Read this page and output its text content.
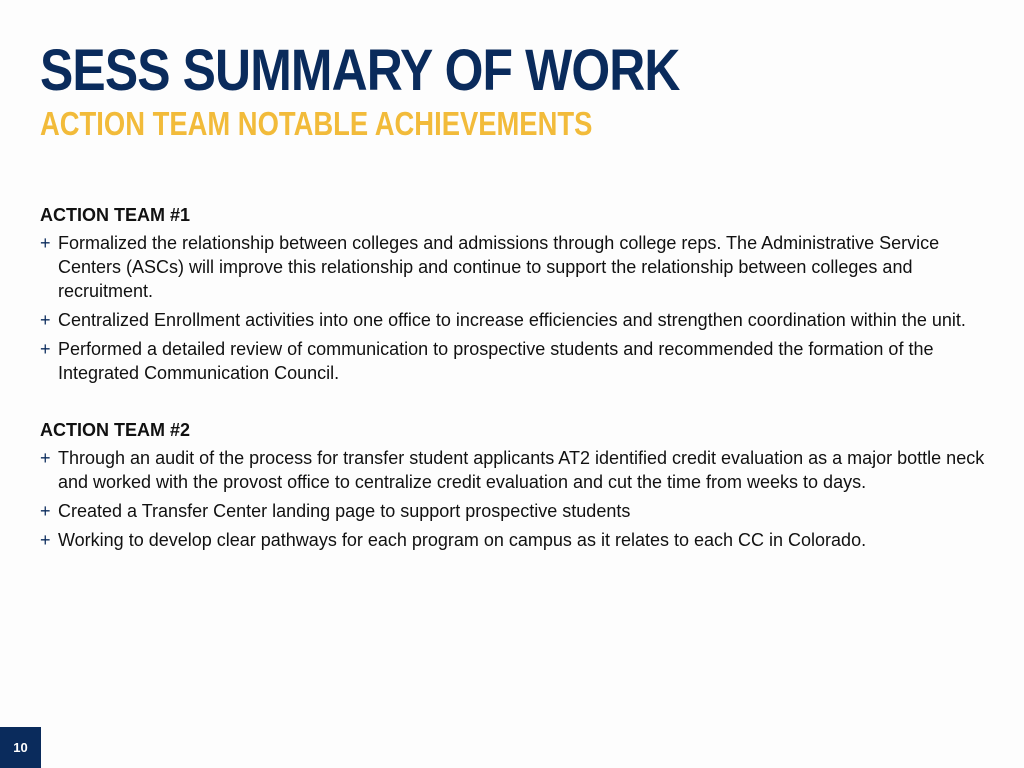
SESS SUMMARY OF WORK
ACTION TEAM NOTABLE ACHIEVEMENTS
ACTION TEAM #1
+ Formalized the relationship between colleges and admissions through college reps. The Administrative Service Centers (ASCs) will improve this relationship and continue to support the relationship between colleges and recruitment.
+ Centralized Enrollment activities into one office to increase efficiencies and strengthen coordination within the unit.
+ Performed a detailed review of communication to prospective students and recommended the formation of the Integrated Communication Council.
ACTION TEAM #2
+ Through an audit of the process for transfer student applicants AT2 identified credit evaluation as a major bottle neck and worked with the provost office to centralize credit evaluation and cut the time from weeks to days.
+ Created a Transfer Center landing page to support prospective students
+ Working to develop clear pathways for each program on campus as it relates to each CC in Colorado.
10
